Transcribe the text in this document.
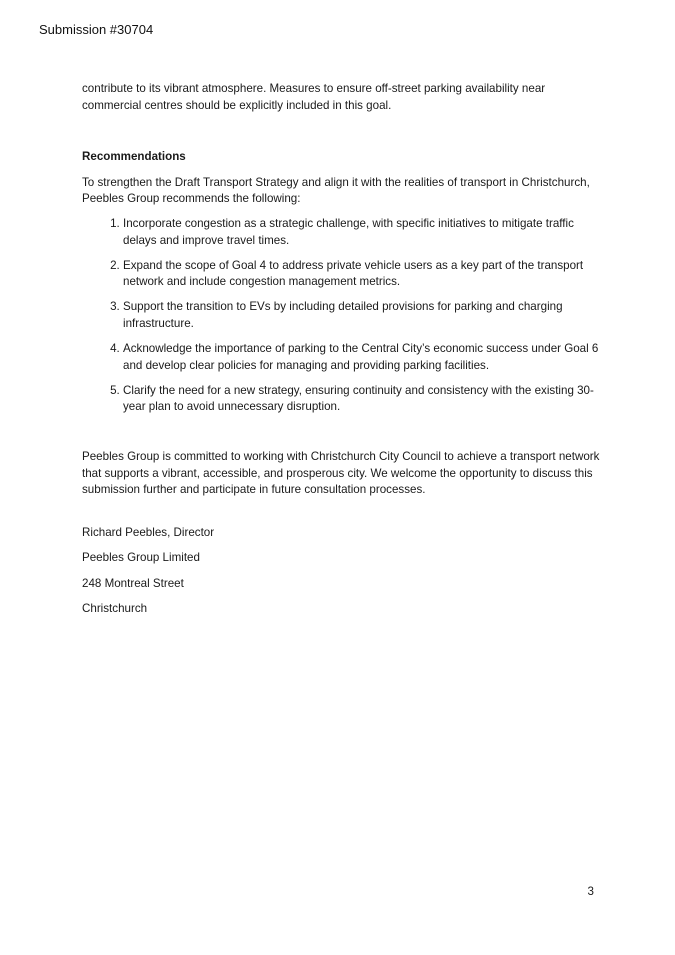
Submission #30704

contribute to its vibrant atmosphere. Measures to ensure off-street parking availability near commercial centres should be explicitly included in this goal.

Recommendations

To strengthen the Draft Transport Strategy and align it with the realities of transport in Christchurch, Peebles Group recommends the following:

1. Incorporate congestion as a strategic challenge, with specific initiatives to mitigate traffic delays and improve travel times.
2. Expand the scope of Goal 4 to address private vehicle users as a key part of the transport network and include congestion management metrics.
3. Support the transition to EVs by including detailed provisions for parking and charging infrastructure.
4. Acknowledge the importance of parking to the Central City’s economic success under Goal 6 and develop clear policies for managing and providing parking facilities.
5. Clarify the need for a new strategy, ensuring continuity and consistency with the existing 30-year plan to avoid unnecessary disruption.

Peebles Group is committed to working with Christchurch City Council to achieve a transport network that supports a vibrant, accessible, and prosperous city. We welcome the opportunity to discuss this submission further and participate in future consultation processes.

Richard Peebles, Director

Peebles Group Limited

248 Montreal Street

Christchurch

3
